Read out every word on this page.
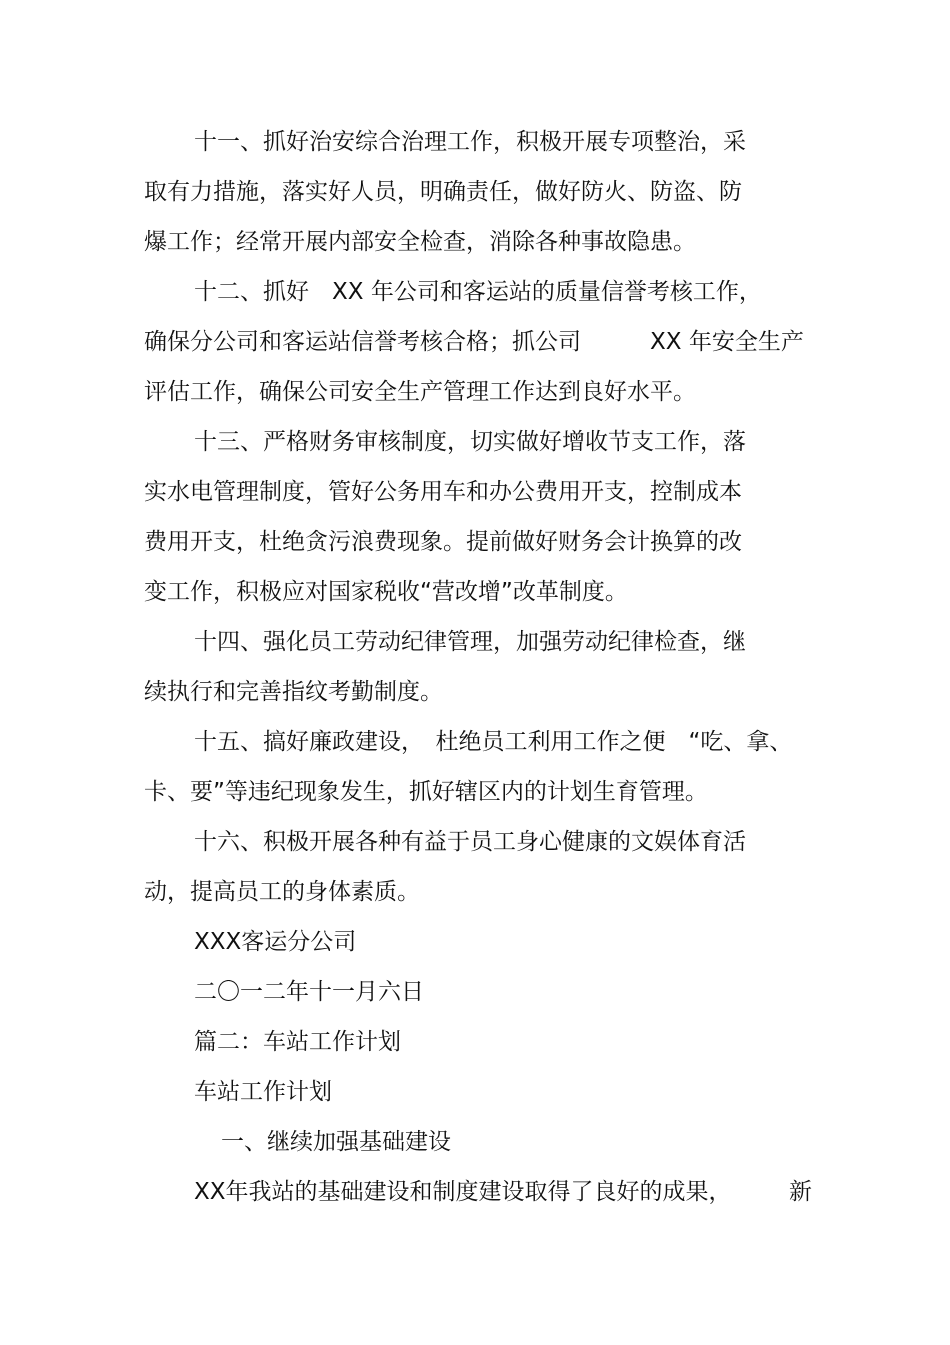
十一、抓好治安综合治理工作，积极开展专项整治，采
取有力措施，落实好人员，明确责任，做好防火、防盗、防
爆工作；经常开展内部安全检查，消除各种事故隐患。
十二、抓好　XX 年公司和客运站的质量信誉考核工作，
确保分公司和客运站信誉考核合格；抓公司　　　XX 年安全生产
评估工作，确保公司安全生产管理工作达到良好水平。
十三、严格财务审核制度，切实做好增收节支工作，落
实水电管理制度，管好公务用车和办公费用开支，控制成本
费用开支，杜绝贪污浪费现象。提前做好财务会计换算的改
变工作，积极应对国家税收“营改增”改革制度。
十四、强化员工劳动纪律管理，加强劳动纪律检查，继
续执行和完善指纹考勤制度。
十五、搞好廉政建设，　杜绝员工利用工作之便　“吃、拿、
卡、要”等违纪现象发生，抓好辖区内的计划生育管理。
十六、积极开展各种有益于员工身心健康的文娱体育活
动，提高员工的身体素质。
XXX客运分公司
二〇一二年十一月六日
篇二：车站工作计划
车站工作计划
一、继续加强基础建设
XX年我站的基础建设和制度建设取得了良好的成果，　　　新
